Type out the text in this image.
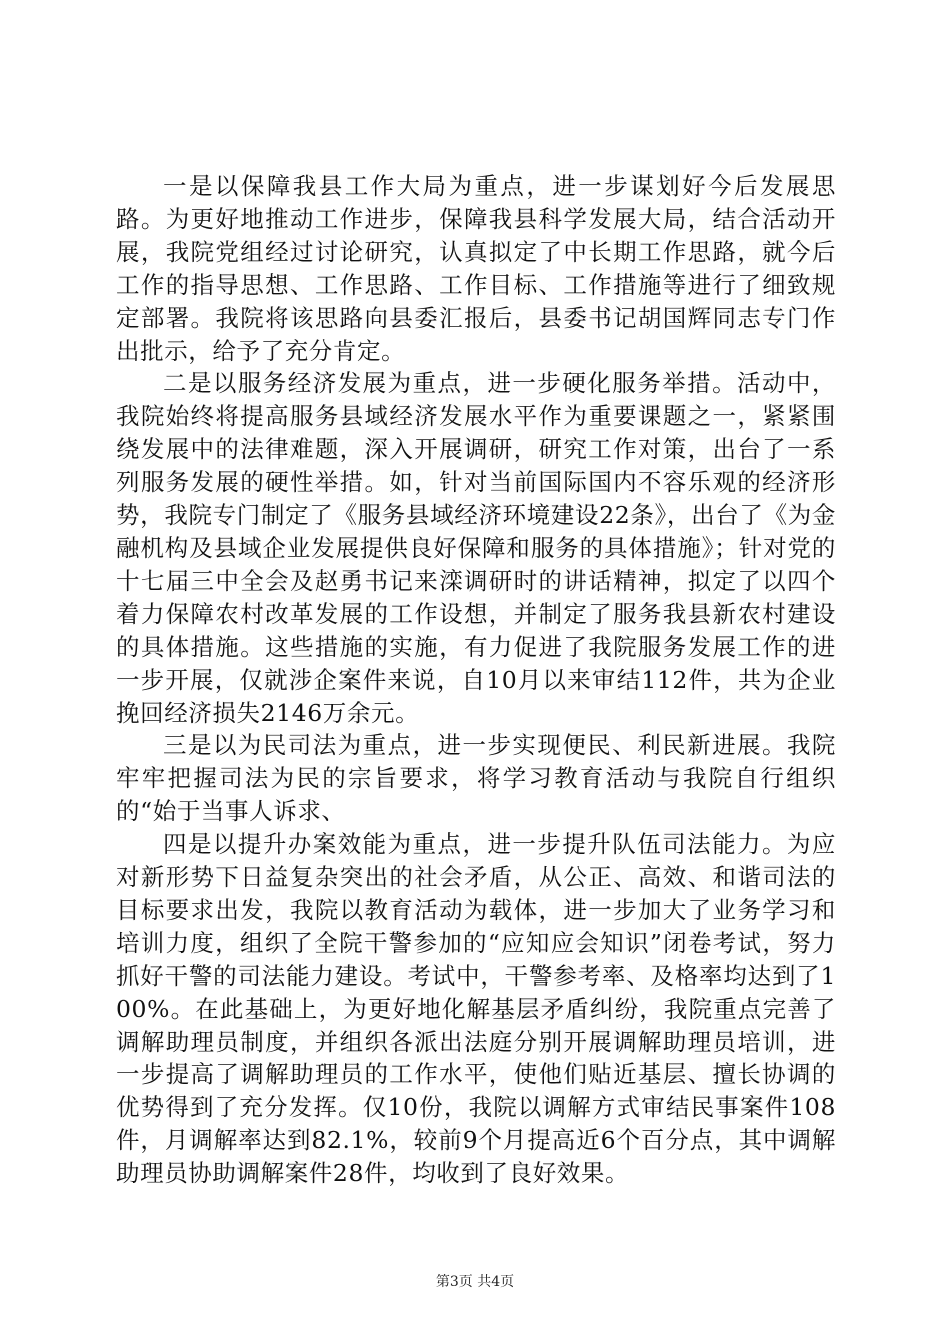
一是以保障我县工作大局为重点，进一步谋划好今后发展思路。为更好地推动工作进步，保障我县科学发展大局，结合活动开展，我院党组经过讨论研究，认真拟定了中长期工作思路，就今后工作的指导思想、工作思路、工作目标、工作措施等进行了细致规定部署。我院将该思路向县委汇报后，县委书记胡国辉同志专门作出批示，给予了充分肯定。

二是以服务经济发展为重点，进一步硬化服务举措。活动中，我院始终将提高服务县域经济发展水平作为重要课题之一，紧紧围绕发展中的法律难题，深入开展调研，研究工作对策，出台了一系列服务发展的硬性举措。如，针对当前国际国内不容乐观的经济形势，我院专门制定了《服务县域经济环境建设22条》，出台了《为金融机构及县域企业发展提供良好保障和服务的具体措施》；针对党的十七届三中全会及赵勇书记来滦调研时的讲话精神，拟定了以四个着力保障农村改革发展的工作设想，并制定了服务我县新农村建设的具体措施。这些措施的实施，有力促进了我院服务发展工作的进一步开展，仅就涉企案件来说，自10月以来审结112件，共为企业挽回经济损失2146万余元。

三是以为民司法为重点，进一步实现便民、利民新进展。我院牢牢把握司法为民的宗旨要求，将学习教育活动与我院自行组织的“始于当事人诉求、

四是以提升办案效能为重点，进一步提升队伍司法能力。为应对新形势下日益复杂突出的社会矛盾，从公正、高效、和谐司法的目标要求出发，我院以教育活动为载体，进一步加大了业务学习和培训力度，组织了全院干警参加的“应知应会知识”闭卷考试，努力抓好干警的司法能力建设。考试中，干警参考率、及格率均达到了100%。在此基础上，为更好地化解基层矛盾纠纷，我院重点完善了调解助理员制度，并组织各派出法庭分别开展调解助理员培训，进一步提高了调解助理员的工作水平，使他们贴近基层、擅长协调的优势得到了充分发挥。仅10份，我院以调解方式审结民事案件108件，月调解率达到82.1%，较前9个月提高近6个百分点，其中调解助理员协助调解案件28件，均收到了良好效果。

第3页 共4页
